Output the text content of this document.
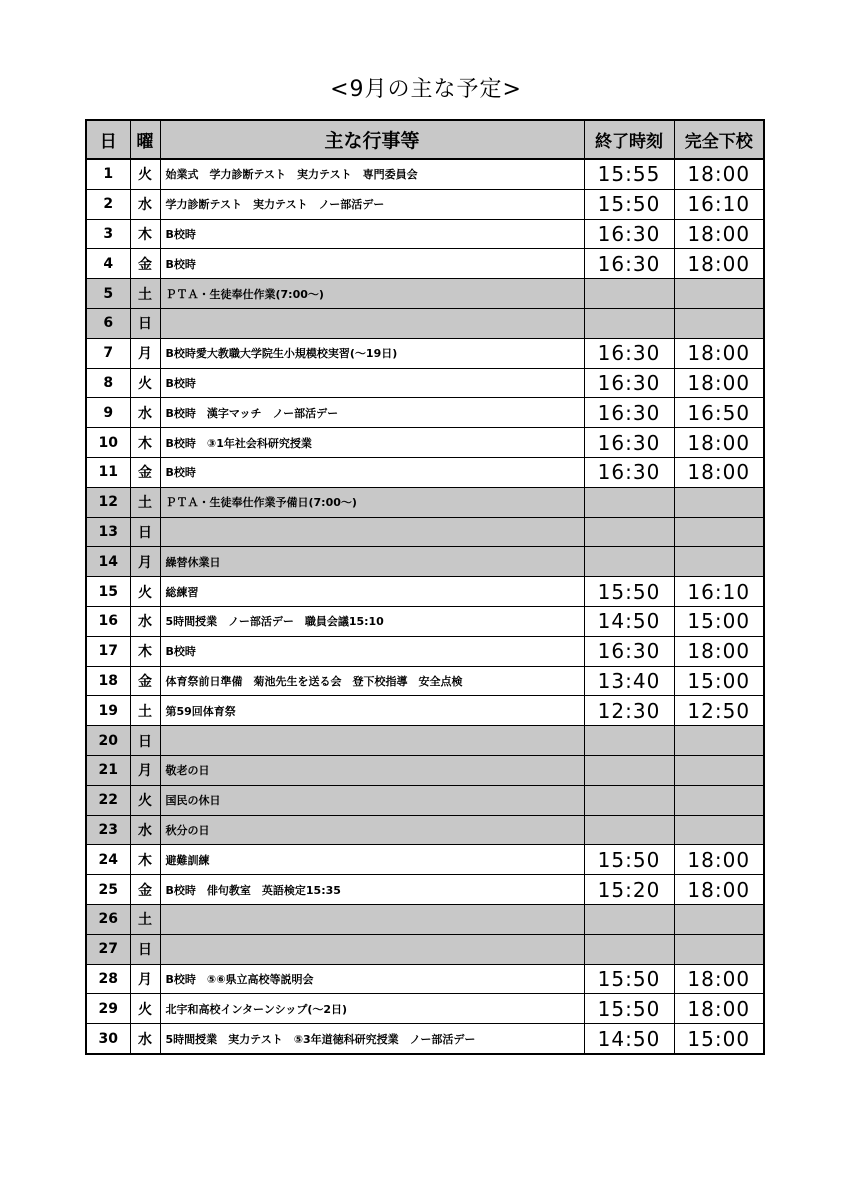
<9月の主な予定>
日	曜	主な行事等	終了時刻	完全下校
1	火	始業式　学力診断テスト　実力テスト　専門委員会	15:55	18:00
2	水	学力診断テスト　実力テスト　ノー部活デー	15:50	16:10
3	木	B校時	16:30	18:00
4	金	B校時	16:30	18:00
5	土	ＰＴＡ・生徒奉仕作業(7:00～)		
6	日			
7	月	B校時愛大教職大学院生小規模校実習(～19日)	16:30	18:00
8	火	B校時	16:30	18:00
9	水	B校時　漢字マッチ　ノー部活デー	16:30	16:50
10	木	B校時　③1年社会科研究授業	16:30	18:00
11	金	B校時	16:30	18:00
12	土	ＰＴＡ・生徒奉仕作業予備日(7:00～)		
13	日			
14	月	繰替休業日		
15	火	総練習	15:50	16:10
16	水	5時間授業　ノー部活デー　職員会議15:10	14:50	15:00
17	木	B校時	16:30	18:00
18	金	体育祭前日準備　菊池先生を送る会　登下校指導　安全点検	13:40	15:00
19	土	第59回体育祭	12:30	12:50
20	日			
21	月	敬老の日		
22	火	国民の休日		
23	水	秋分の日		
24	木	避難訓練	15:50	18:00
25	金	B校時　俳句教室　英語検定15:35	15:20	18:00
26	土			
27	日			
28	月	B校時　⑤⑥県立高校等説明会	15:50	18:00
29	火	北宇和高校インターンシップ(～2日)	15:50	18:00
30	水	5時間授業　実力テスト　⑤3年道徳科研究授業　ノー部活デー	14:50	15:00
